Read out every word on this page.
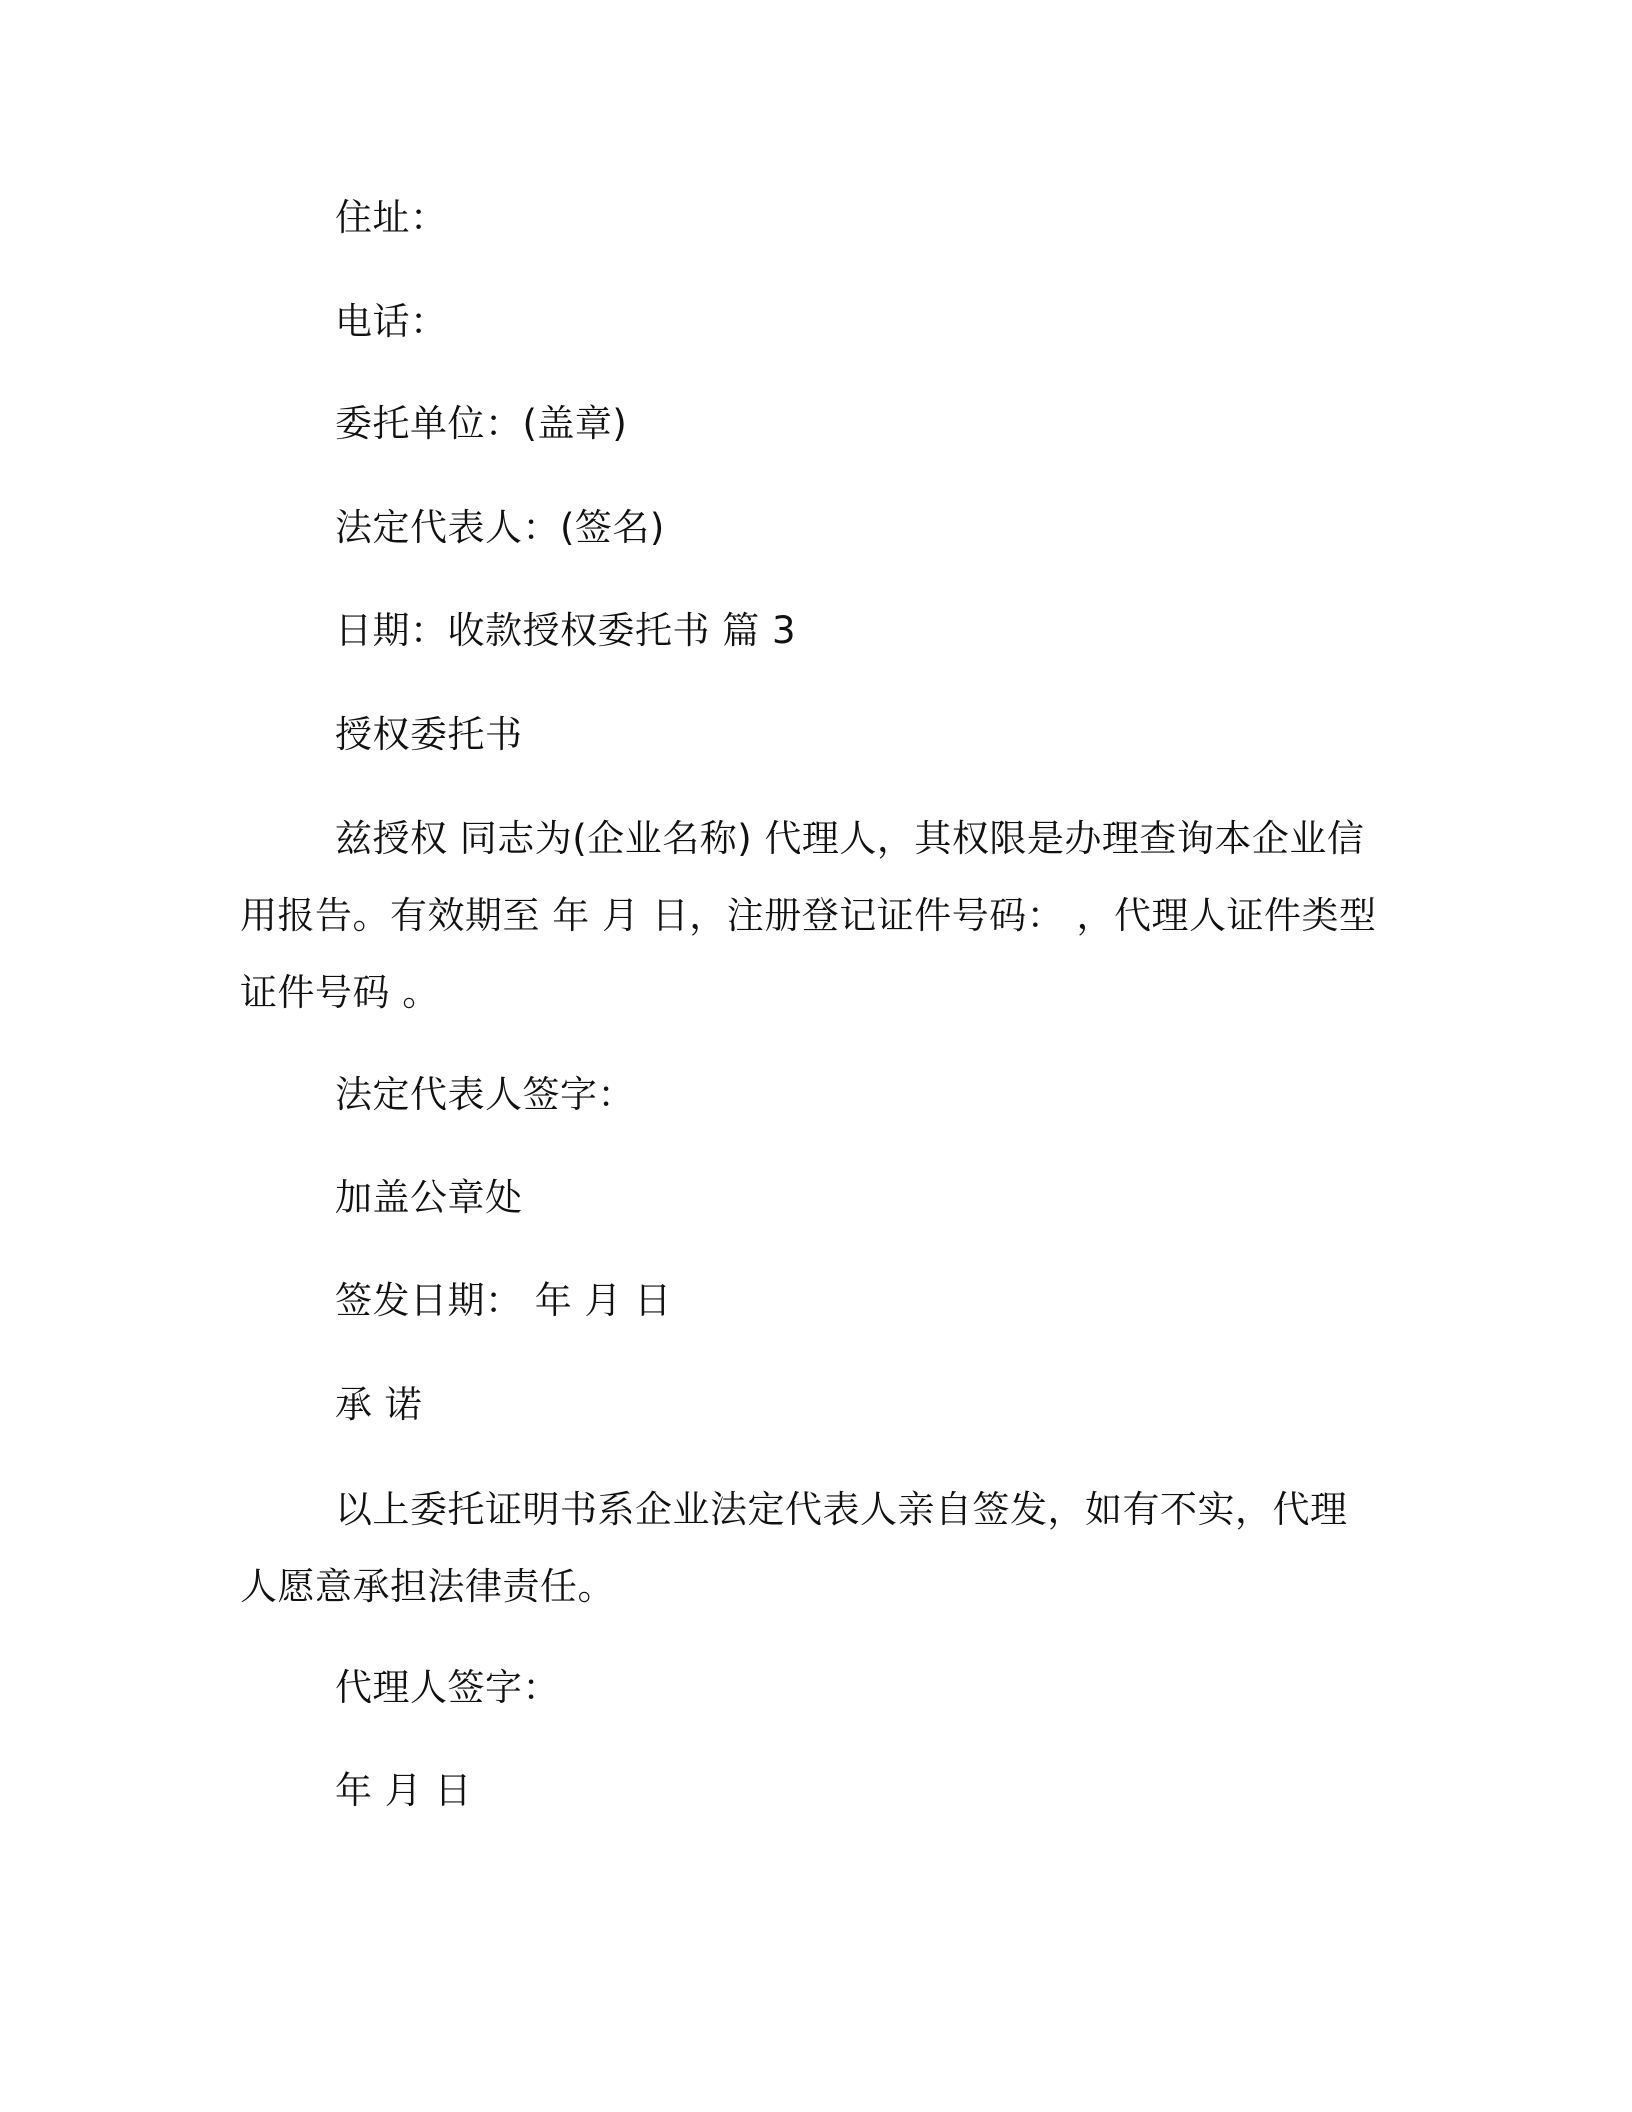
住址：
电话：
委托单位：(盖章)
法定代表人：(签名)
日期：收款授权委托书 篇 3
授权委托书
兹授权 同志为(企业名称) 代理人，其权限是办理查询本企业信用报告。有效期至 年 月 日，注册登记证件号码： ，代理人证件类型 证件号码 。
法定代表人签字：
加盖公章处
签发日期： 年 月 日
承 诺
以上委托证明书系企业法定代表人亲自签发，如有不实，代理人愿意承担法律责任。
代理人签字：
年 月 日
